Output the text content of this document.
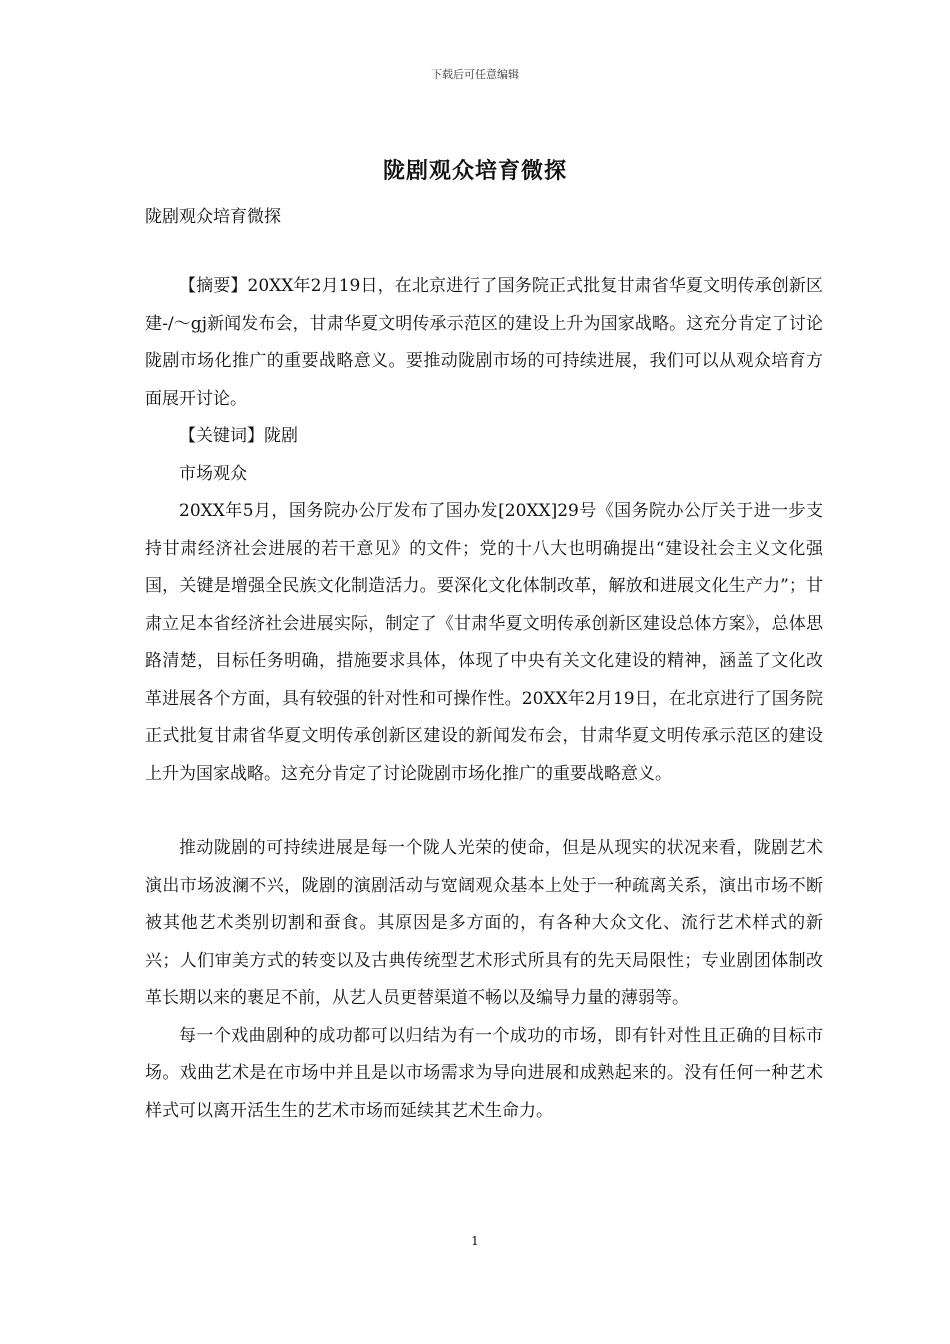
下载后可任意编辑
陇剧观众培育微探
陇剧观众培育微探

【摘要】20XX年2月19日，在北京进行了国务院正式批复甘肃省华夏文明传承创新区建-/～gj新闻发布会，甘肃华夏文明传承示范区的建设上升为国家战略。这充分肯定了讨论陇剧市场化推广的重要战略意义。要推动陇剧市场的可持续进展，我们可以从观众培育方面展开讨论。

【关键词】陇剧

市场观众

20XX年5月，国务院办公厅发布了国办发[20XX]29号《国务院办公厅关于进一步支持甘肃经济社会进展的若干意见》的文件；党的十八大也明确提出“建设社会主义文化强国，关键是增强全民族文化制造活力。要深化文化体制改革，解放和进展文化生产力”；甘肃立足本省经济社会进展实际，制定了《甘肃华夏文明传承创新区建设总体方案》，总体思路清楚，目标任务明确，措施要求具体，体现了中央有关文化建设的精神，涵盖了文化改革进展各个方面，具有较强的针对性和可操作性。20XX年2月19日，在北京进行了国务院正式批复甘肃省华夏文明传承创新区建设的新闻发布会，甘肃华夏文明传承示范区的建设上升为国家战略。这充分肯定了讨论陇剧市场化推广的重要战略意义。

推动陇剧的可持续进展是每一个陇人光荣的使命，但是从现实的状况来看，陇剧艺术演出市场波澜不兴，陇剧的演剧活动与宽阔观众基本上处于一种疏离关系，演出市场不断被其他艺术类别切割和蚕食。其原因是多方面的，有各种大众文化、流行艺术样式的新兴；人们审美方式的转变以及古典传统型艺术形式所具有的先天局限性；专业剧团体制改革长期以来的裹足不前，从艺人员更替渠道不畅以及编导力量的薄弱等。

每一个戏曲剧种的成功都可以归结为有一个成功的市场，即有针对性且正确的目标市场。戏曲艺术是在市场中并且是以市场需求为导向进展和成熟起来的。没有任何一种艺术样式可以离开活生生的艺术市场而延续其艺术生命力。

1
